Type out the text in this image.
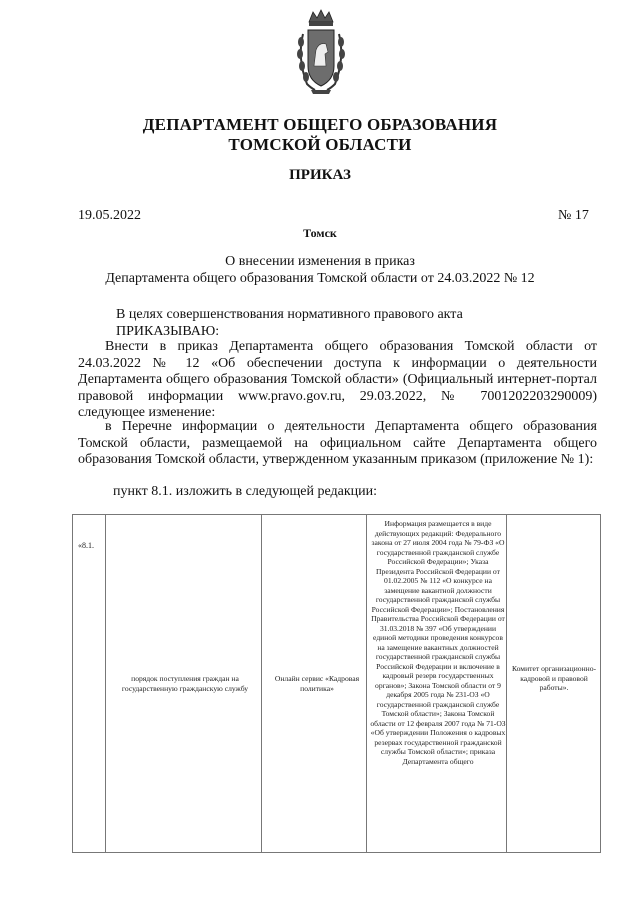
ДЕПАРТАМЕНТ ОБЩЕГО ОБРАЗОВАНИЯ
ТОМСКОЙ ОБЛАСТИ
ПРИКАЗ
19.05.2022	№ 17
Томск
О внесении изменения в приказ
Департамента общего образования Томской области от 24.03.2022 № 12
В целях совершенствования нормативного правового акта
ПРИКАЗЫВАЮ:
Внести в приказ Департамента общего образования Томской области от 24.03.2022 № 12 «Об обеспечении доступа к информации о деятельности Департамента общего образования Томской области» (Официальный интернет-портал правовой информации www.pravo.gov.ru, 29.03.2022, № 7001202203290009) следующее изменение:
в Перечне информации о деятельности Департамента общего образования Томской области, размещаемой на официальном сайте Департамента общего образования Томской области, утвержденном указанным приказом (приложение № 1):
пункт 8.1. изложить в следующей редакции:
«8.1.
порядок поступления граждан на государственную гражданскую службу
Онлайн сервис «Кадровая политика»
Информация размещается в виде действующих редакций: Федерального закона от 27 июля 2004 года № 79-ФЗ «О государственной гражданской службе Российской Федерации»; Указа Президента Российской Федерации от 01.02.2005 № 112 «О конкурсе на замещение вакантной должности государственной гражданской службы Российской Федерации»; Постановления Правительства Российской Федерации от 31.03.2018 № 397 «Об утверждении единой методики проведения конкурсов на замещение вакантных должностей государственной гражданской службы Российской Федерации и включение в кадровый резерв государственных органов»; Закона Томской области от 9 декабря 2005 года № 231-ОЗ «О государственной гражданской службе Томской области»; Закона Томской области от 12 февраля 2007 года № 71-ОЗ «Об утверждении Положения о кадровых резервах государственной гражданской службы Томской области»; приказа Департамента общего
Комитет организационно-кадровой и правовой работы».
